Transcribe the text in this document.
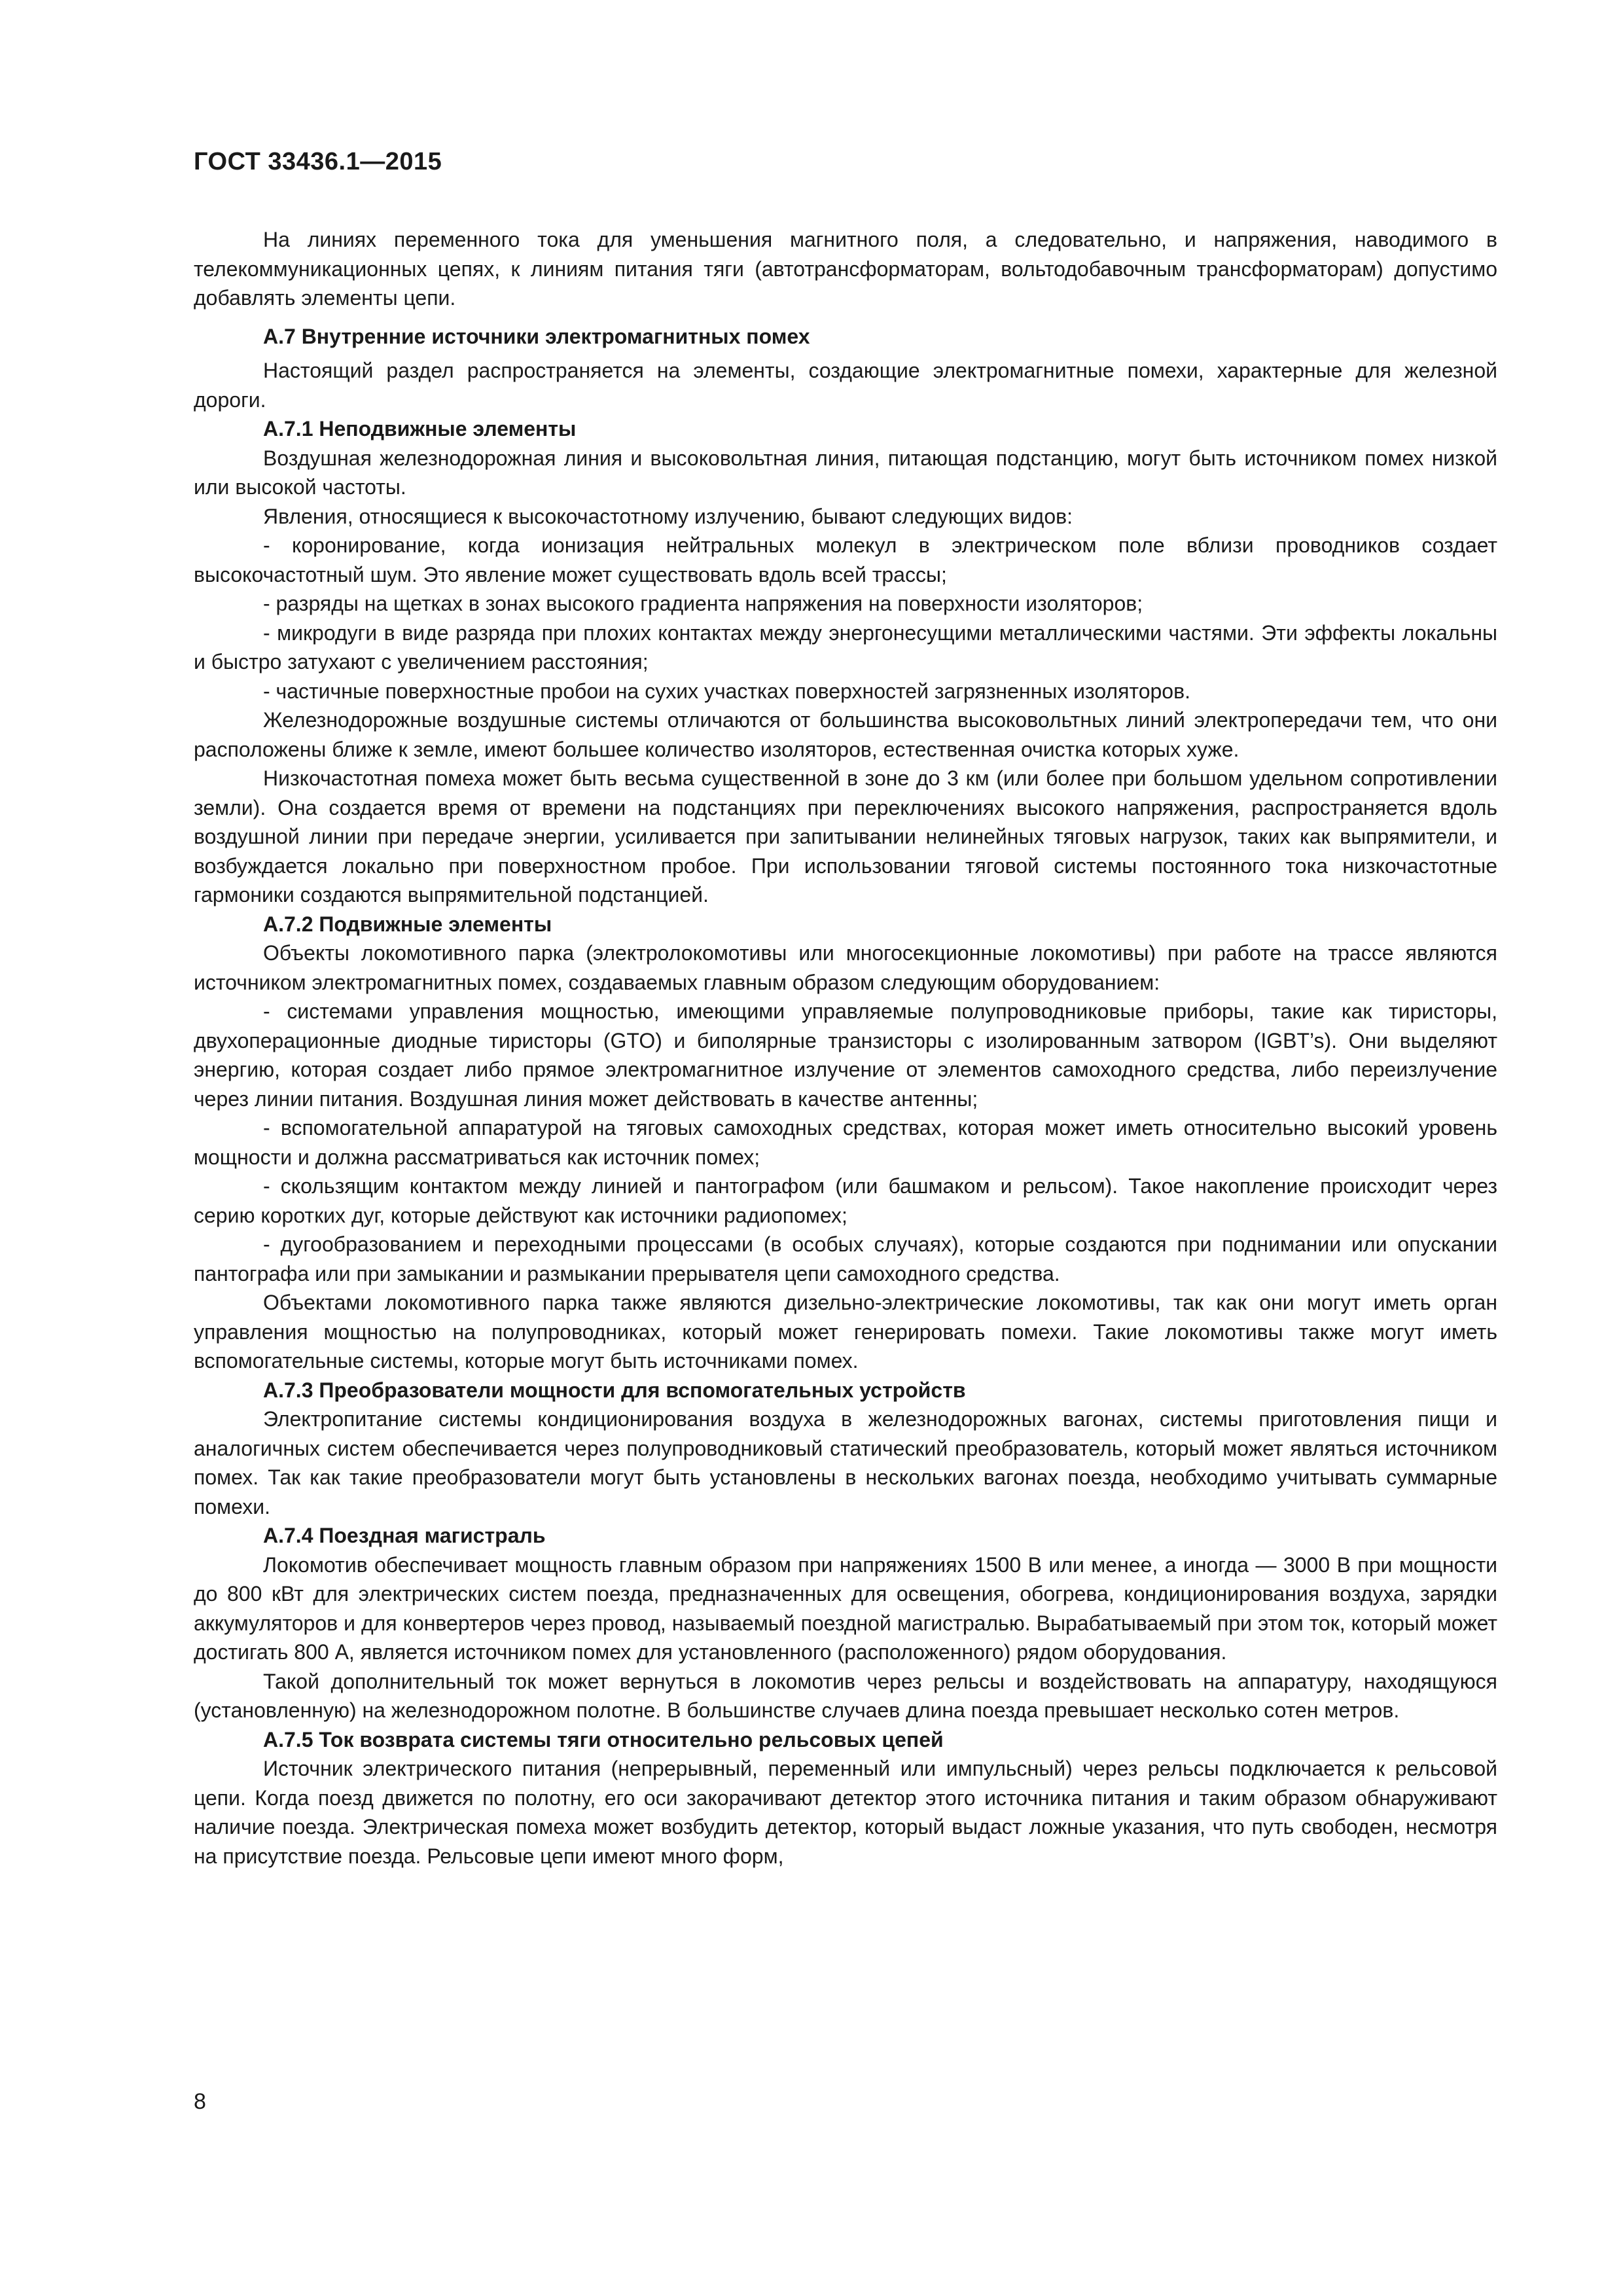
ГОСТ 33436.1—2015

На линиях переменного тока для уменьшения магнитного поля, а следовательно, и напряжения, наводимого в телекоммуникационных цепях, к линиям питания тяги (автотрансформаторам, вольтодобавочным трансформаторам) допустимо добавлять элементы цепи.

А.7 Внутренние источники электромагнитных помех

Настоящий раздел распространяется на элементы, создающие электромагнитные помехи, характерные для железной дороги.

А.7.1 Неподвижные элементы

Воздушная железнодорожная линия и высоковольтная линия, питающая подстанцию, могут быть источником помех низкой или высокой частоты.

Явления, относящиеся к высокочастотному излучению, бывают следующих видов:

- коронирование, когда ионизация нейтральных молекул в электрическом поле вблизи проводников создает высокочастотный шум. Это явление может существовать вдоль всей трассы;

- разряды на щетках в зонах высокого градиента напряжения на поверхности изоляторов;

- микродуги в виде разряда при плохих контактах между энергонесущими металлическими частями. Эти эффекты локальны и быстро затухают с увеличением расстояния;

- частичные поверхностные пробои на сухих участках поверхностей загрязненных изоляторов.

Железнодорожные воздушные системы отличаются от большинства высоковольтных линий электропередачи тем, что они расположены ближе к земле, имеют большее количество изоляторов, естественная очистка которых хуже.

Низкочастотная помеха может быть весьма существенной в зоне до 3 км (или более при большом удельном сопротивлении земли). Она создается время от времени на подстанциях при переключениях высокого напряжения, распространяется вдоль воздушной линии при передаче энергии, усиливается при запитывании нелинейных тяговых нагрузок, таких как выпрямители, и возбуждается локально при поверхностном пробое. При использовании тяговой системы постоянного тока низкочастотные гармоники создаются выпрямительной подстанцией.

А.7.2 Подвижные элементы

Объекты локомотивного парка (электролокомотивы или многосекционные локомотивы) при работе на трассе являются источником электромагнитных помех, создаваемых главным образом следующим оборудованием:

- системами управления мощностью, имеющими управляемые полупроводниковые приборы, такие как тиристоры, двухоперационные диодные тиристоры (GTO) и биполярные транзисторы с изолированным затвором (IGBT’s). Они выделяют энергию, которая создает либо прямое электромагнитное излучение от элементов самоходного средства, либо переизлучение через линии питания. Воздушная линия может действовать в качестве антенны;

- вспомогательной аппаратурой на тяговых самоходных средствах, которая может иметь относительно высокий уровень мощности и должна рассматриваться как источник помех;

- скользящим контактом между линией и пантографом (или башмаком и рельсом). Такое накопление происходит через серию коротких дуг, которые действуют как источники радиопомех;

- дугообразованием и переходными процессами (в особых случаях), которые создаются при поднимании или опускании пантографа или при замыкании и размыкании прерывателя цепи самоходного средства.

Объектами локомотивного парка также являются дизельно-электрические локомотивы, так как они могут иметь орган управления мощностью на полупроводниках, который может генерировать помехи. Такие локомотивы также могут иметь вспомогательные системы, которые могут быть источниками помех.

А.7.3 Преобразователи мощности для вспомогательных устройств

Электропитание системы кондиционирования воздуха в железнодорожных вагонах, системы приготовления пищи и аналогичных систем обеспечивается через полупроводниковый статический преобразователь, который может являться источником помех. Так как такие преобразователи могут быть установлены в нескольких вагонах поезда, необходимо учитывать суммарные помехи.

А.7.4 Поездная магистраль

Локомотив обеспечивает мощность главным образом при напряжениях 1500 В или менее, а иногда — 3000 В при мощности до 800 кВт для электрических систем поезда, предназначенных для освещения, обогрева, кондиционирования воздуха, зарядки аккумуляторов и для конвертеров через провод, называемый поездной магистралью. Вырабатываемый при этом ток, который может достигать 800 А, является источником помех для установленного (расположенного) рядом оборудования.

Такой дополнительный ток может вернуться в локомотив через рельсы и воздействовать на аппаратуру, находящуюся (установленную) на железнодорожном полотне. В большинстве случаев длина поезда превышает несколько сотен метров.

А.7.5 Ток возврата системы тяги относительно рельсовых цепей

Источник электрического питания (непрерывный, переменный или импульсный) через рельсы подключается к рельсовой цепи. Когда поезд движется по полотну, его оси закорачивают детектор этого источника питания и таким образом обнаруживают наличие поезда. Электрическая помеха может возбудить детектор, который выдаст ложные указания, что путь свободен, несмотря на присутствие поезда. Рельсовые цепи имеют много форм,

8
